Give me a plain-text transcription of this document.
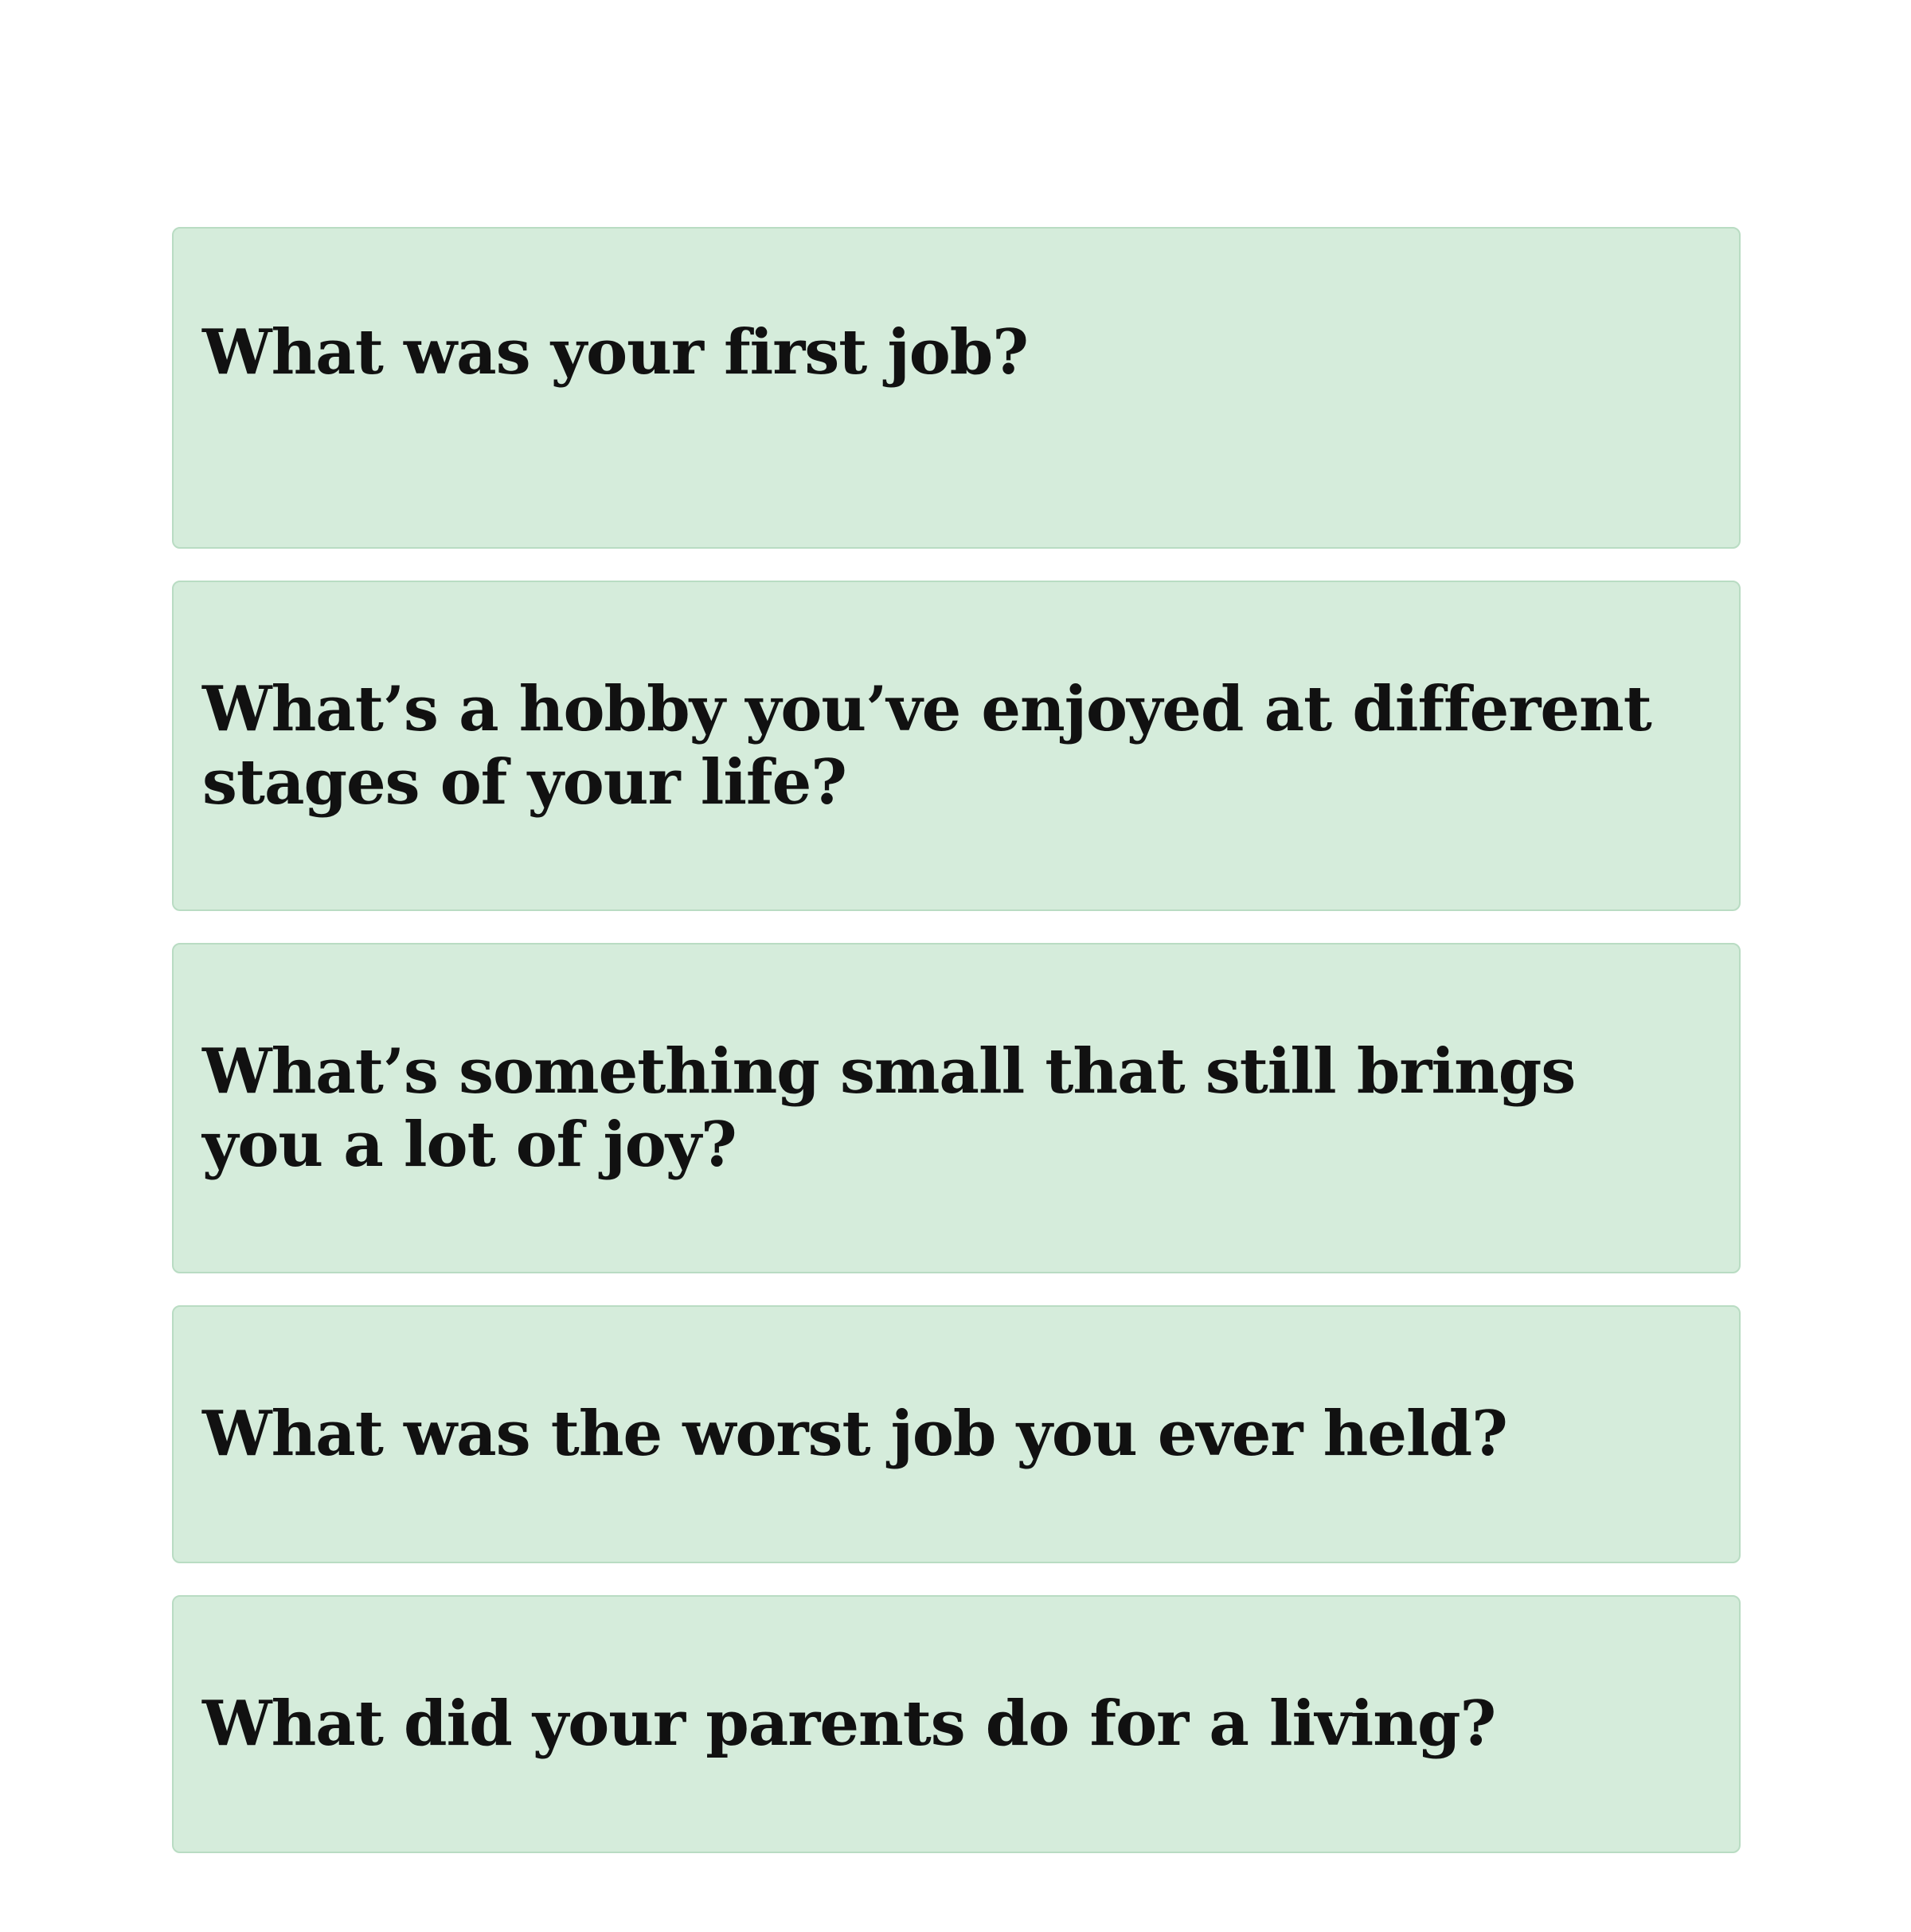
What was your first job?
What’s a hobby you’ve enjoyed at different stages of your life?
What’s something small that still brings you a lot of joy?
What was the worst job you ever held?
What did your parents do for a living?
